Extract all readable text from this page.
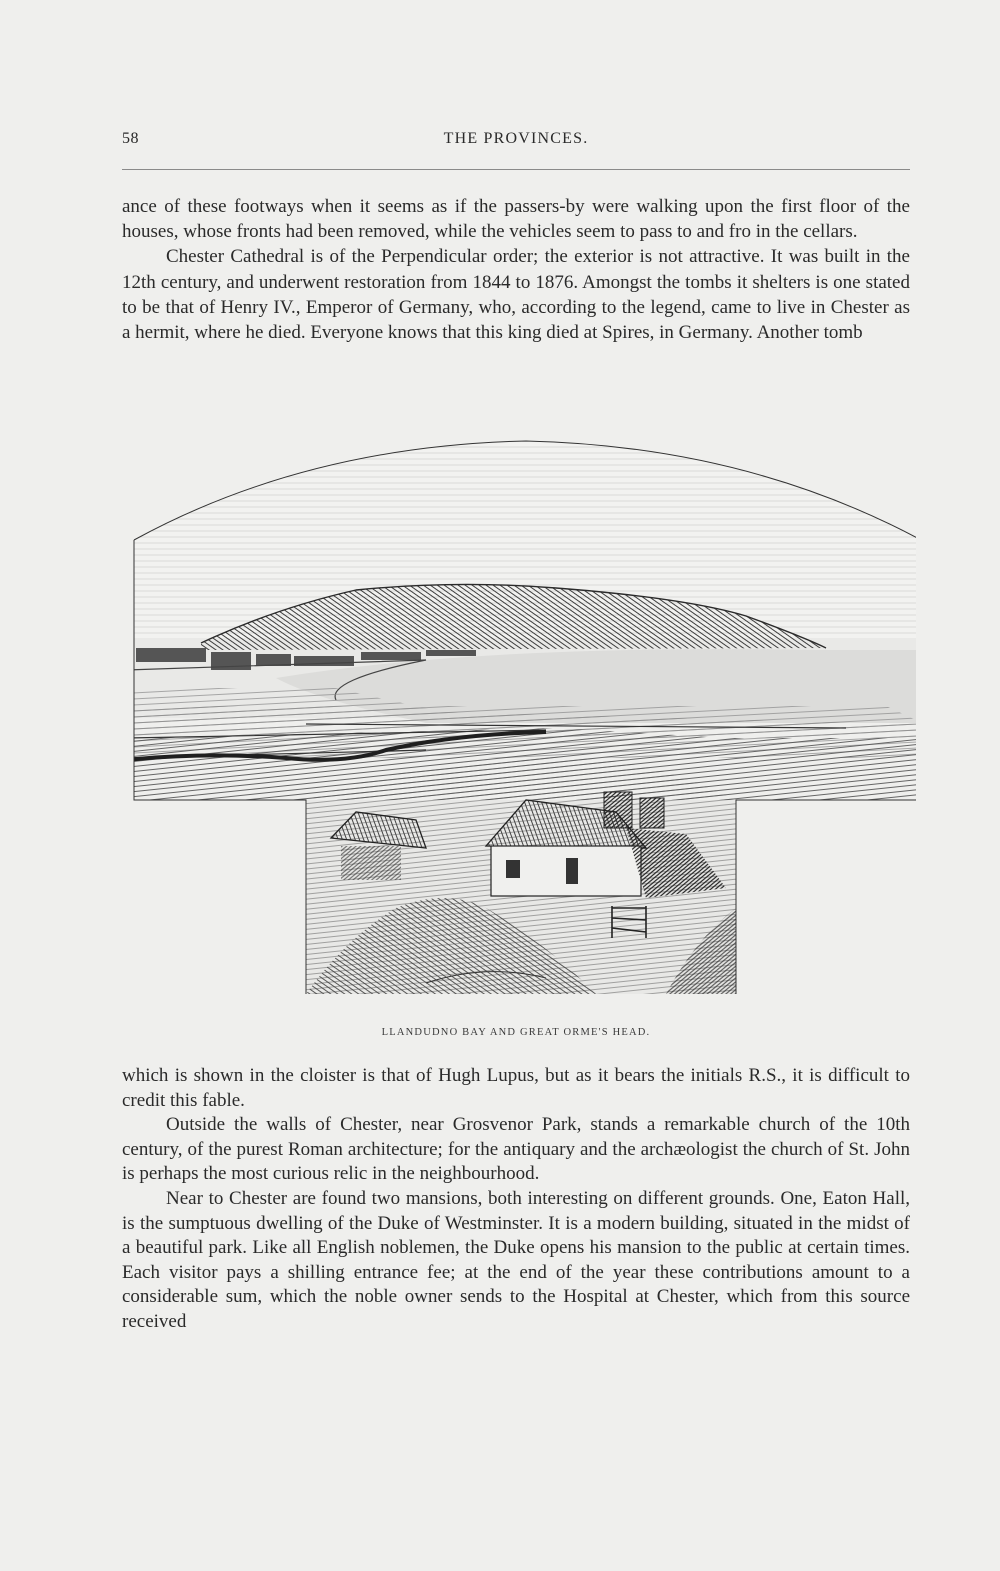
58	THE PROVINCES.

ance of these footways when it seems as if the passers-by were walking upon the first floor of the houses, whose fronts had been removed, while the vehicles seem to pass to and fro in the cellars.

Chester Cathedral is of the Perpendicular order; the exterior is not attractive. It was built in the 12th century, and underwent restoration from 1844 to 1876. Amongst the tombs it shelters is one stated to be that of Henry IV., Emperor of Germany, who, according to the legend, came to live in Chester as a hermit, where he died. Everyone knows that this king died at Spires, in Germany. Another tomb

LLANDUDNO BAY AND GREAT ORME'S HEAD.

which is shown in the cloister is that of Hugh Lupus, but as it bears the initials R.S., it is difficult to credit this fable.

Outside the walls of Chester, near Grosvenor Park, stands a remarkable church of the 10th century, of the purest Roman architecture; for the antiquary and the archæologist the church of St. John is perhaps the most curious relic in the neighbourhood.

Near to Chester are found two mansions, both interesting on different grounds. One, Eaton Hall, is the sumptuous dwelling of the Duke of Westminster. It is a modern building, situated in the midst of a beautiful park. Like all English noblemen, the Duke opens his mansion to the public at certain times. Each visitor pays a shilling entrance fee; at the end of the year these contributions amount to a considerable sum, which the noble owner sends to the Hospital at Chester, which from this source received
